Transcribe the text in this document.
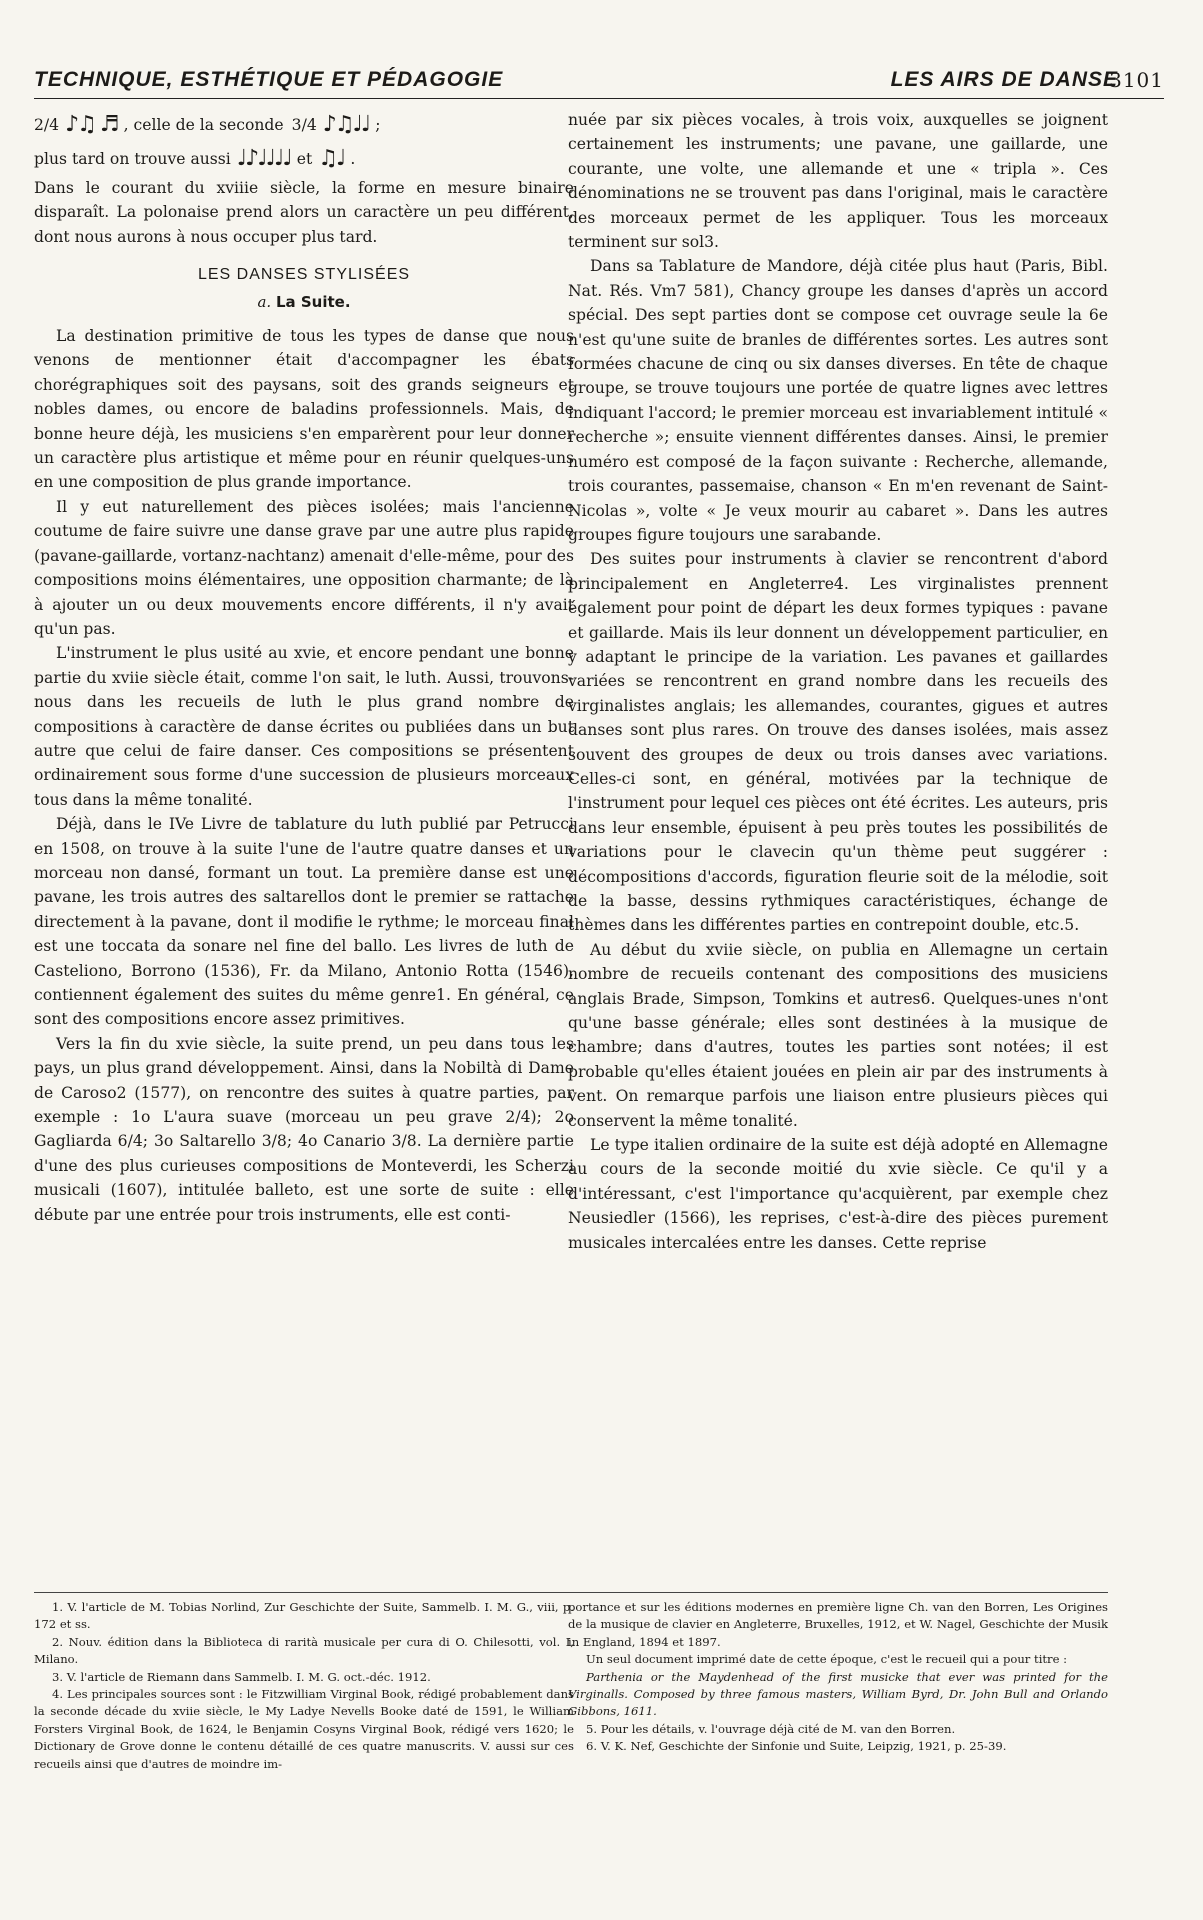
TECHNIQUE, ESTHÉTIQUE ET PÉDAGOGIE	LES AIRS DE DANSE
3101
2/4 ♪♫ ♬ , celle de la seconde 3/4 ♪♫♩♩ ;
plus tard on trouve aussi ♩♪♩♩♩♩ et ♫♩ .

Dans le courant du xviiie siècle, la forme en mesure binaire disparaît. La polonaise prend alors un caractère un peu différent, dont nous aurons à nous occuper plus tard.

LES DANSES STYLISÉES
a. La Suite.

La destination primitive de tous les types de danse que nous venons de mentionner était d'accompagner les ébats chorégraphiques soit des paysans, soit des grands seigneurs et nobles dames, ou encore de baladins professionnels. Mais, de bonne heure déjà, les musiciens s'en emparèrent pour leur donner un caractère plus artistique et même pour en réunir quelques-uns en une composition de plus grande importance.

Il y eut naturellement des pièces isolées; mais l'ancienne coutume de faire suivre une danse grave par une autre plus rapide (pavane-gaillarde, vortanz-nachtanz) amenait d'elle-même, pour des compositions moins élémentaires, une opposition charmante; de là à ajouter un ou deux mouvements encore différents, il n'y avait qu'un pas.

L'instrument le plus usité au xvie, et encore pendant une bonne partie du xviie siècle était, comme l'on sait, le luth. Aussi, trouvons-nous dans les recueils de luth le plus grand nombre de compositions à caractère de danse écrites ou publiées dans un but autre que celui de faire danser. Ces compositions se présentent ordinairement sous forme d'une succession de plusieurs morceaux tous dans la même tonalité.

Déjà, dans le IVe Livre de tablature du luth publié par Petrucci en 1508, on trouve à la suite l'une de l'autre quatre danses et un morceau non dansé, formant un tout. La première danse est une pavane, les trois autres des saltarellos dont le premier se rattache directement à la pavane, dont il modifie le rythme; le morceau final est une toccata da sonare nel fine del ballo. Les livres de luth de Casteliono, Borrono (1536), Fr. da Milano, Antonio Rotta (1546), contiennent également des suites du même genre1. En général, ce sont des compositions encore assez primitives.

Vers la fin du xvie siècle, la suite prend, un peu dans tous les pays, un plus grand développement. Ainsi, dans la Nobiltà di Dame de Caroso2 (1577), on rencontre des suites à quatre parties, par exemple : 1o L'aura suave (morceau un peu grave 2/4); 2o Gagliarda 6/4; 3o Saltarello 3/8; 4o Canario 3/8. La dernière partie d'une des plus curieuses compositions de Monteverdi, les Scherzi musicali (1607), intitulée balleto, est une sorte de suite : elle débute par une entrée pour trois instruments, elle est conti-

nuée par six pièces vocales, à trois voix, auxquelles se joignent certainement les instruments; une pavane, une gaillarde, une courante, une volte, une allemande et une « tripla ». Ces dénominations ne se trouvent pas dans l'original, mais le caractère des morceaux permet de les appliquer. Tous les morceaux terminent sur sol3.

Dans sa Tablature de Mandore, déjà citée plus haut (Paris, Bibl. Nat. Rés. Vm7 581), Chancy groupe les danses d'après un accord spécial. Des sept parties dont se compose cet ouvrage seule la 6e n'est qu'une suite de branles de différentes sortes. Les autres sont formées chacune de cinq ou six danses diverses. En tête de chaque groupe, se trouve toujours une portée de quatre lignes avec lettres indiquant l'accord; le premier morceau est invariablement intitulé « recherche »; ensuite viennent différentes danses. Ainsi, le premier numéro est composé de la façon suivante : Recherche, allemande, trois courantes, passemaise, chanson « En m'en revenant de Saint-Nicolas », volte « Je veux mourir au cabaret ». Dans les autres groupes figure toujours une sarabande.

Des suites pour instruments à clavier se rencontrent d'abord principalement en Angleterre4. Les virginalistes prennent également pour point de départ les deux formes typiques : pavane et gaillarde. Mais ils leur donnent un développement particulier, en y adaptant le principe de la variation. Les pavanes et gaillardes variées se rencontrent en grand nombre dans les recueils des virginalistes anglais; les allemandes, courantes, gigues et autres danses sont plus rares. On trouve des danses isolées, mais assez souvent des groupes de deux ou trois danses avec variations. Celles-ci sont, en général, motivées par la technique de l'instrument pour lequel ces pièces ont été écrites. Les auteurs, pris dans leur ensemble, épuisent à peu près toutes les possibilités de variations pour le clavecin qu'un thème peut suggérer : décompositions d'accords, figuration fleurie soit de la mélodie, soit de la basse, dessins rythmiques caractéristiques, échange de thèmes dans les différentes parties en contrepoint double, etc.5.

Au début du xviie siècle, on publia en Allemagne un certain nombre de recueils contenant des compositions des musiciens anglais Brade, Simpson, Tomkins et autres6. Quelques-unes n'ont qu'une basse générale; elles sont destinées à la musique de chambre; dans d'autres, toutes les parties sont notées; il est probable qu'elles étaient jouées en plein air par des instruments à vent. On remarque parfois une liaison entre plusieurs pièces qui conservent la même tonalité.

Le type italien ordinaire de la suite est déjà adopté en Allemagne au cours de la seconde moitié du xvie siècle. Ce qu'il y a d'intéressant, c'est l'importance qu'acquièrent, par exemple chez Neusiedler (1566), les reprises, c'est-à-dire des pièces purement musicales intercalées entre les danses. Cette reprise

1. V. l'article de M. Tobias Norlind, Zur Geschichte der Suite, Sammelb. I. M. G., viii, p. 172 et ss.

2. Nouv. édition dans la Biblioteca di rarità musicale per cura di O. Chilesotti, vol. I, Milano.

3. V. l'article de Riemann dans Sammelb. I. M. G. oct.-déc. 1912.

4. Les principales sources sont : le Fitzwilliam Virginal Book, rédigé probablement dans la seconde décade du xviie siècle, le My Ladye Nevells Booke daté de 1591, le William Forsters Virginal Book, de 1624, le Benjamin Cosyns Virginal Book, rédigé vers 1620; le Dictionary de Grove donne le contenu détaillé de ces quatre manuscrits. V. aussi sur ces recueils ainsi que d'autres de moindre im-

portance et sur les éditions modernes en première ligne Ch. van den Borren, Les Origines de la musique de clavier en Angleterre, Bruxelles, 1912, et W. Nagel, Geschichte der Musik in England, 1894 et 1897.

Un seul document imprimé date de cette époque, c'est le recueil qui a pour titre :

Parthenia or the Maydenhead of the first musicke that ever was printed for the Virginalls. Composed by three famous masters, William Byrd, Dr. John Bull and Orlando Gibbons, 1611.

5. Pour les détails, v. l'ouvrage déjà cité de M. van den Borren.

6. V. K. Nef, Geschichte der Sinfonie und Suite, Leipzig, 1921, p. 25-39.
